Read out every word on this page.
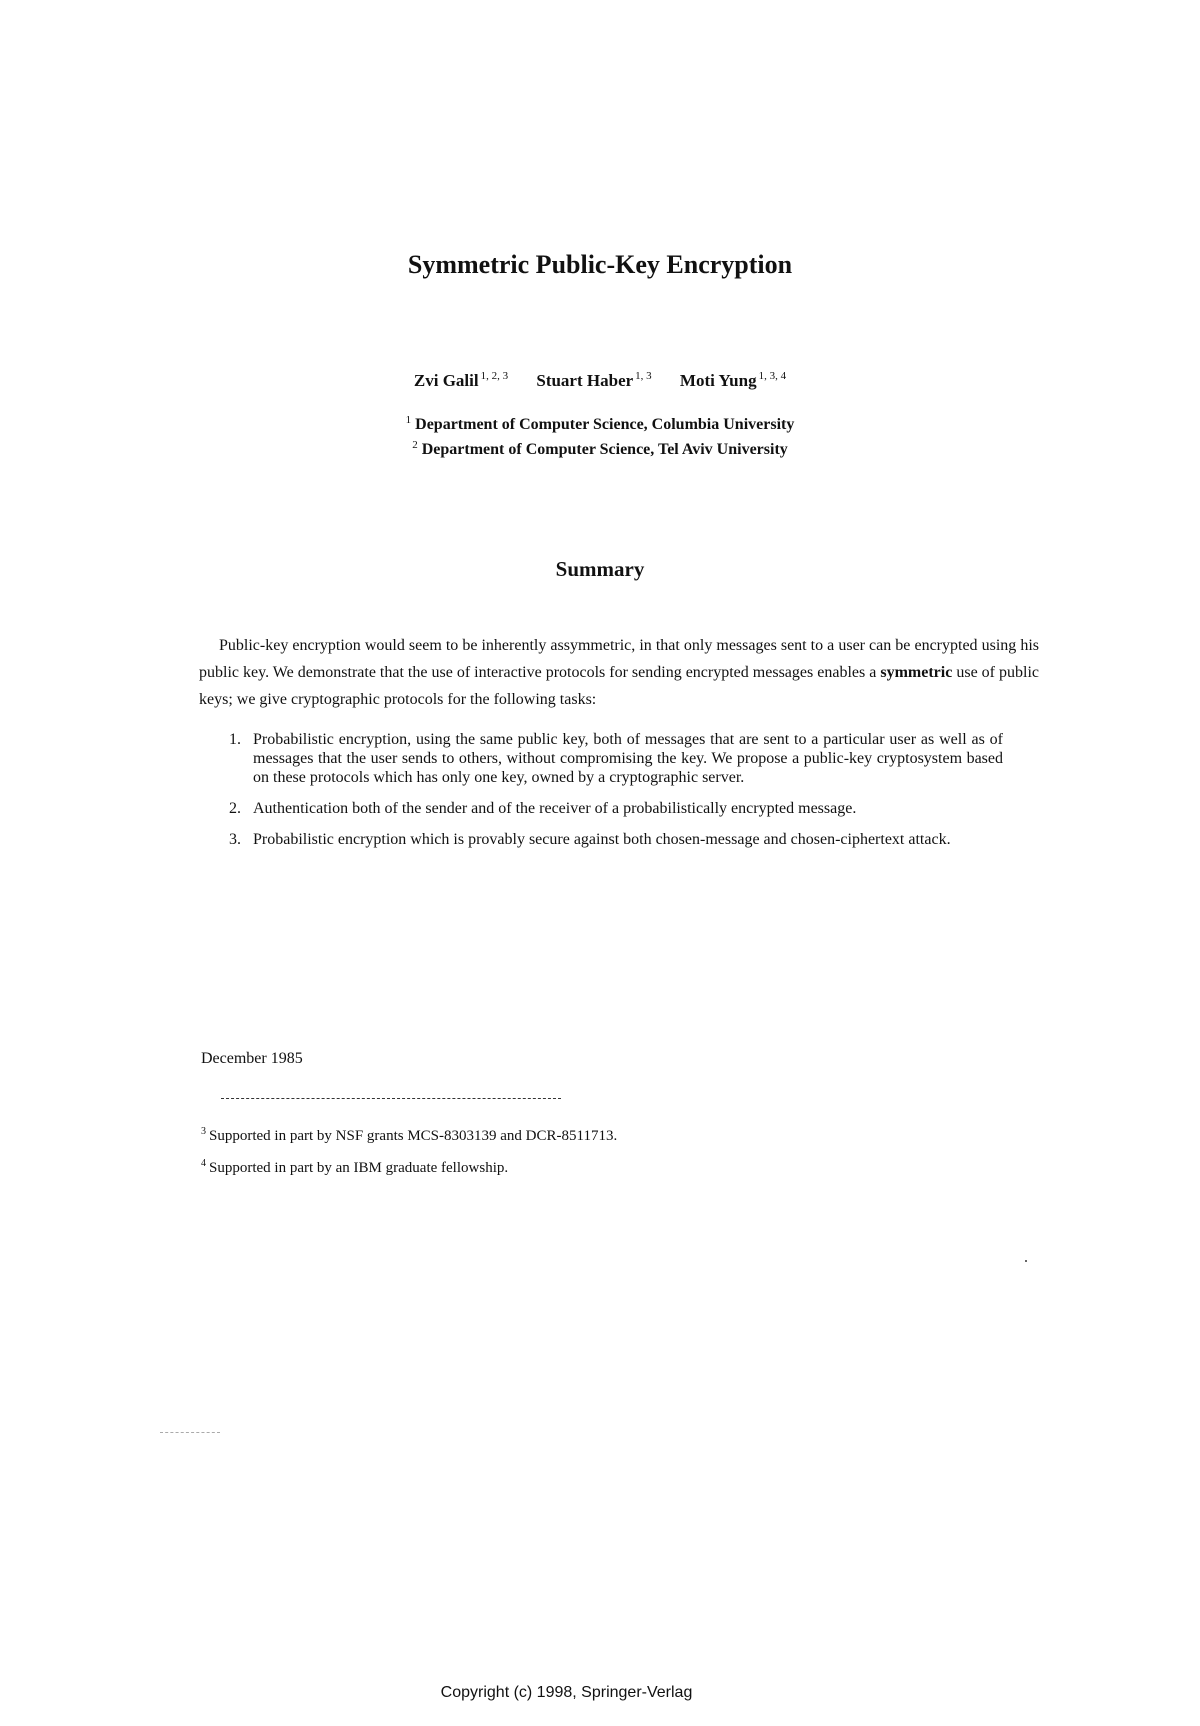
Symmetric Public-Key Encryption
Zvi Galil $^{1, 2, 3}$ Stuart Haber $^{1, 3}$ Moti Yung $^{1, 3, 4}$
$^1$ Department of Computer Science, Columbia University
$^2$ Department of Computer Science, Tel Aviv University
Summary

Public-key encryption would seem to be inherently assymmetric, in that only messages sent to a user can be encrypted using his public key. We demonstrate that the use of interactive protocols for sending encrypted messages enables a symmetric use of public keys; we give cryptographic protocols for the following tasks:

1. Probabilistic encryption, using the same public key, both of messages that are sent to a particular user as well as of messages that the user sends to others, without compromising the key. We propose a public-key cryptosystem based on these protocols which has only one key, owned by a cryptographic server.
2. Authentication both of the sender and of the receiver of a probabilistically encrypted message.
3. Probabilistic encryption which is provably secure against both chosen-message and chosen-ciphertext attack.
December 1985
$^3$ Supported in part by NSF grants MCS-8303139 and DCR-8511713.
$^4$ Supported in part by an IBM graduate fellowship.
Copyright (c) 1998, Springer-Verlag
